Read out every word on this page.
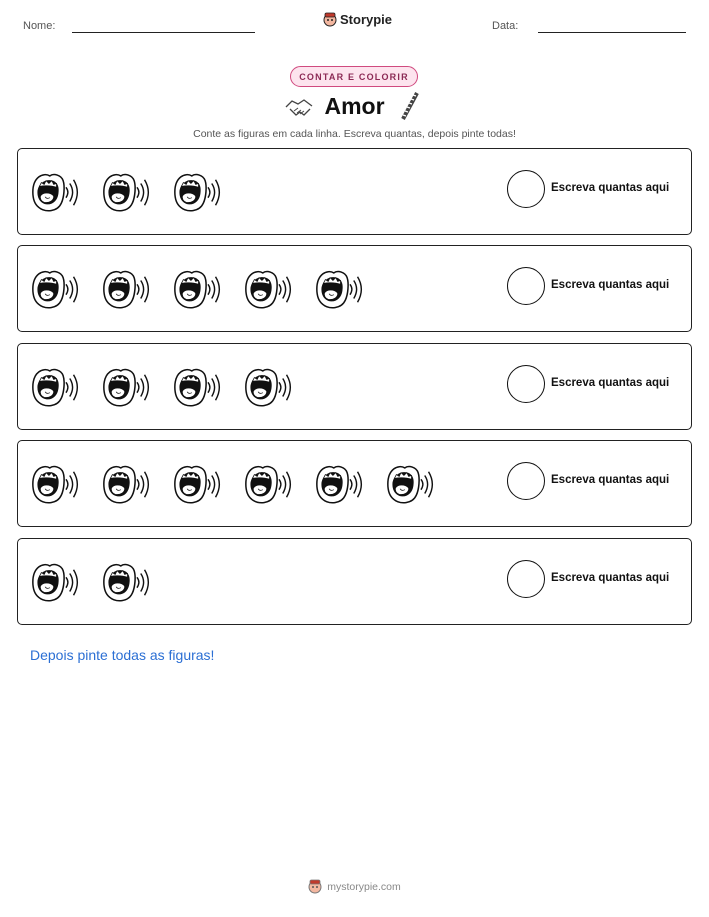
Nome:	Storypie	Data:
CONTAR E COLORIR
Amor
Conte as figuras em cada linha. Escreva quantas, depois pinte todas!
Escreva quantas aqui
Escreva quantas aqui
Escreva quantas aqui
Escreva quantas aqui
Escreva quantas aqui
Depois pinte todas as figuras!
mystorypie.com
